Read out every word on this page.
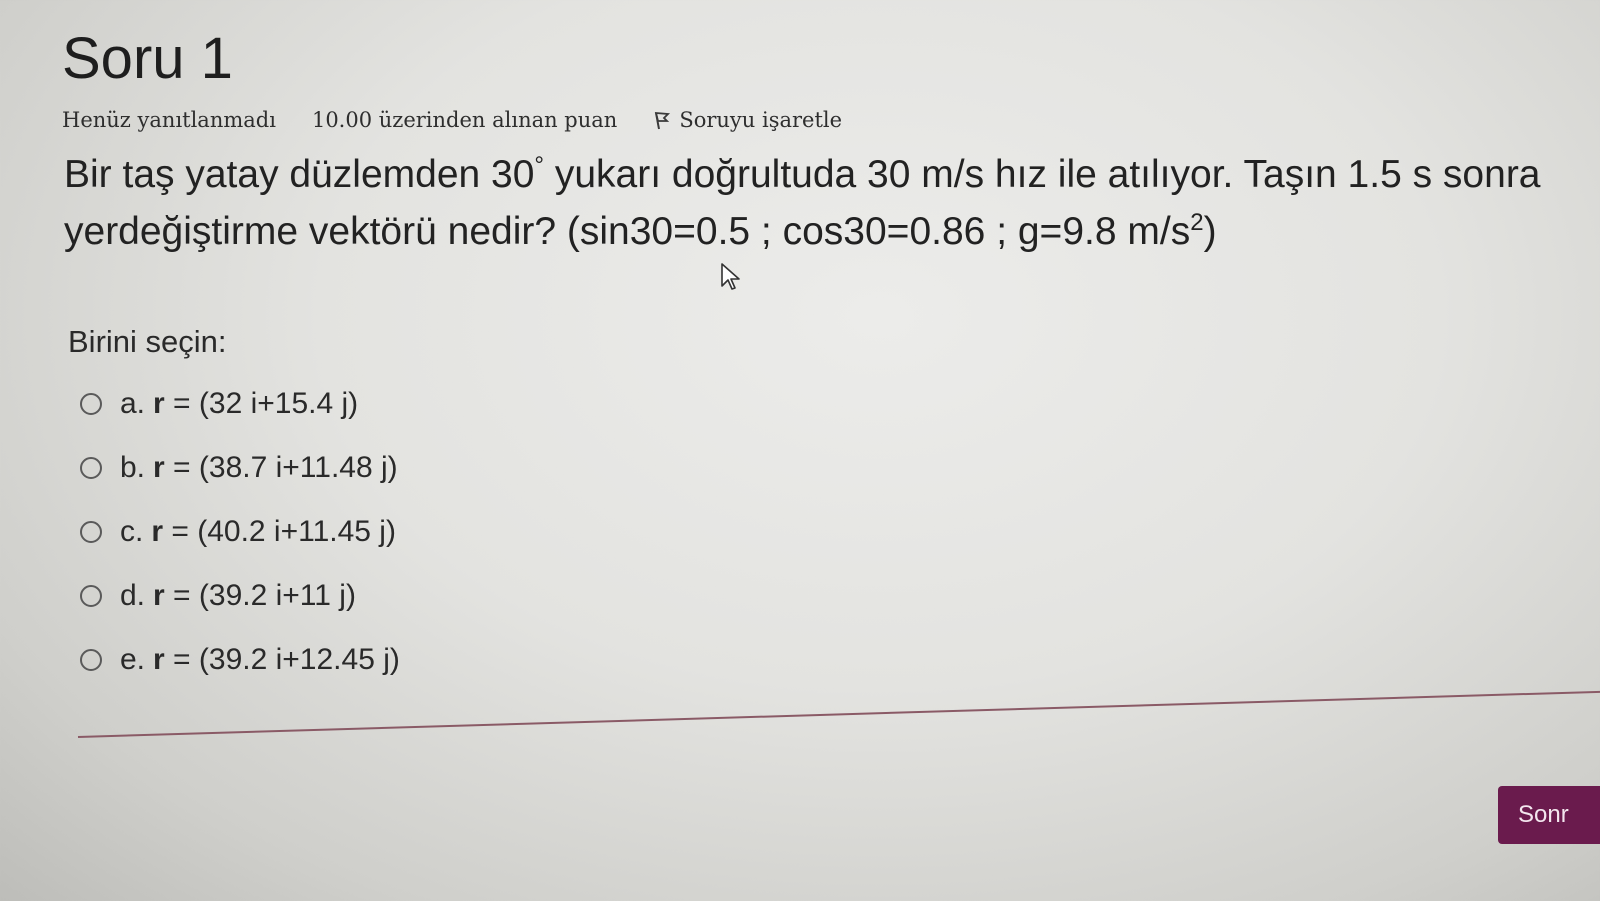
Soru 1
Henüz yanıtlanmadı 10.00 üzerinden alınan puan	Soruyu işaretle
Bir taş yatay düzlemden 30° yukarı doğrultuda 30 m/s hız ile atılıyor. Taşın 1.5 s sonra yerdeğiştirme vektörü nedir? (sin30=0.5 ; cos30=0.86 ; g=9.8 $m/s^2$)
Birini seçin:
a. r = (32 i+15.4 j)
b. r = (38.7 i+11.48 j)
c. r = (40.2 i+11.45 j)
d. r = (39.2 i+11 j)
e. r = (39.2 i+12.45 j)
Sonr
